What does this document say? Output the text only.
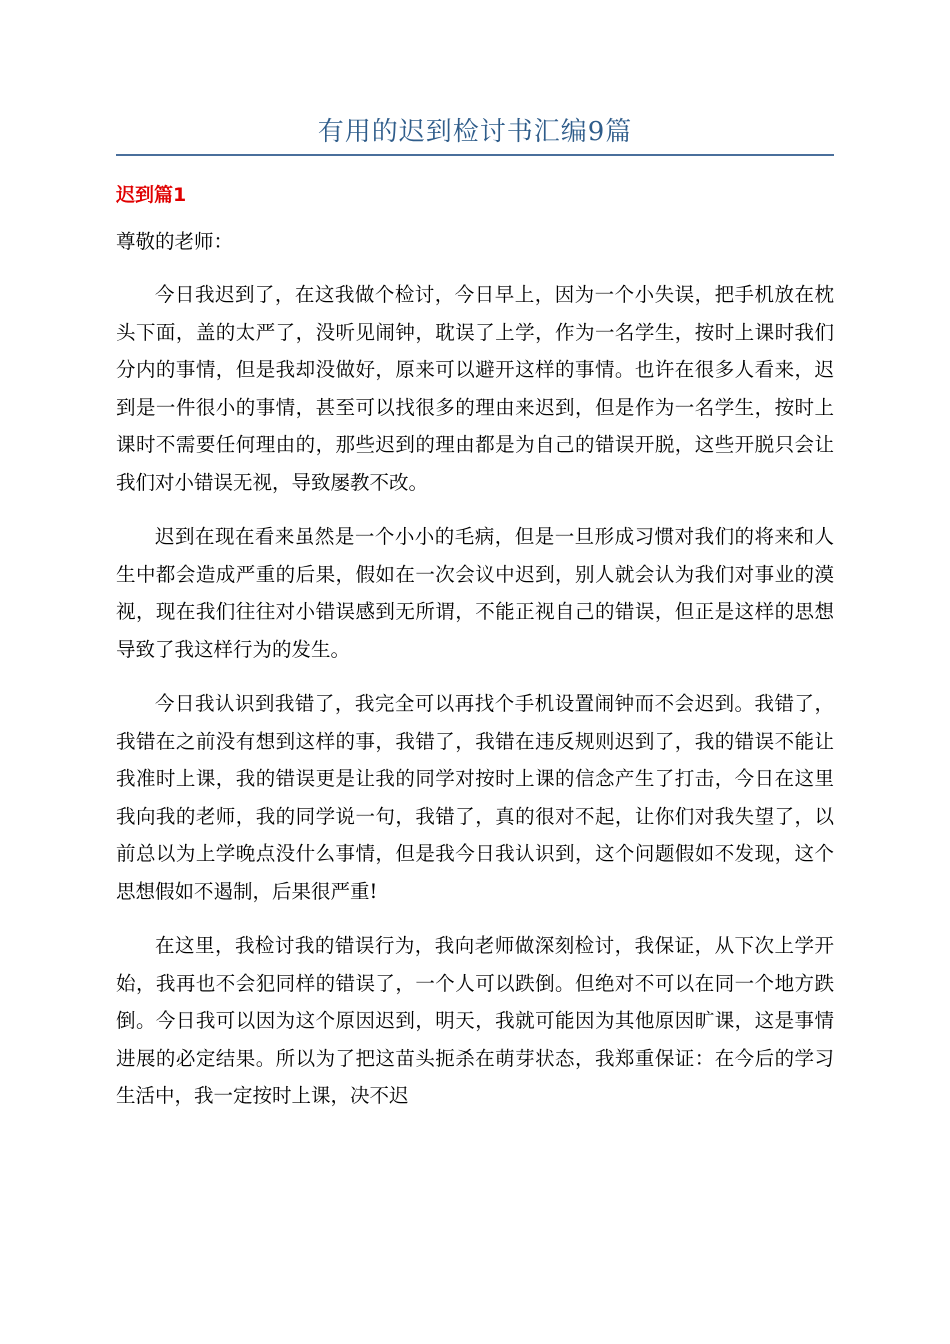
有用的迟到检讨书汇编9篇
迟到篇1
尊敬的老师：

今日我迟到了，在这我做个检讨，今日早上，因为一个小失误，把手机放在枕头下面，盖的太严了，没听见闹钟，耽误了上学，作为一名学生，按时上课时我们分内的事情，但是我却没做好，原来可以避开这样的事情。也许在很多人看来，迟到是一件很小的事情，甚至可以找很多的理由来迟到，但是作为一名学生，按时上课时不需要任何理由的，那些迟到的理由都是为自己的错误开脱，这些开脱只会让我们对小错误无视，导致屡教不改。

迟到在现在看来虽然是一个小小的毛病，但是一旦形成习惯对我们的将来和人生中都会造成严重的后果，假如在一次会议中迟到，别人就会认为我们对事业的漠视，现在我们往往对小错误感到无所谓，不能正视自己的错误，但正是这样的思想导致了我这样行为的发生。

今日我认识到我错了，我完全可以再找个手机设置闹钟而不会迟到。我错了，我错在之前没有想到这样的事，我错了，我错在违反规则迟到了，我的错误不能让我准时上课，我的错误更是让我的同学对按时上课的信念产生了打击，今日在这里我向我的老师，我的同学说一句，我错了，真的很对不起，让你们对我失望了，以前总以为上学晚点没什么事情，但是我今日我认识到，这个问题假如不发现，这个思想假如不遏制，后果很严重!

在这里，我检讨我的错误行为，我向老师做深刻检讨，我保证，从下次上学开始，我再也不会犯同样的错误了，一个人可以跌倒。但绝对不可以在同一个地方跌倒。今日我可以因为这个原因迟到，明天，我就可能因为其他原因旷课，这是事情进展的必定结果。所以为了把这苗头扼杀在萌芽状态，我郑重保证：在今后的学习生活中，我一定按时上课，决不迟
